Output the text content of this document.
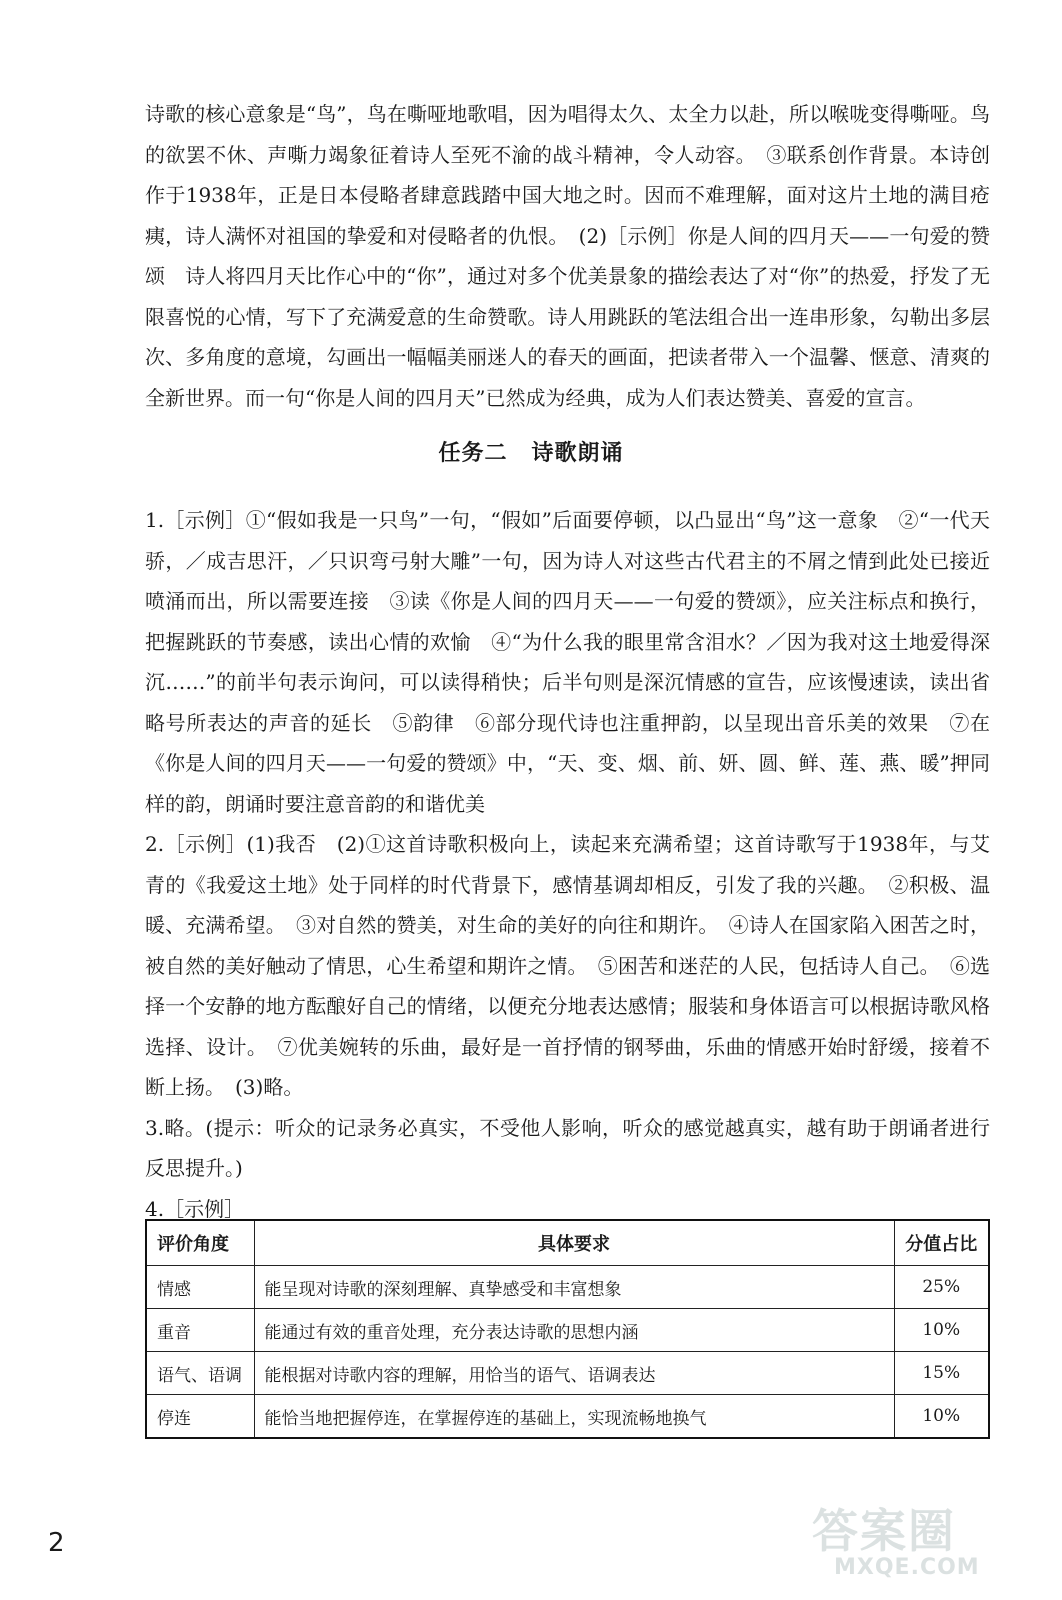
诗歌的核心意象是“鸟”，鸟在嘶哑地歌唱，因为唱得太久、太全力以赴，所以喉咙变得嘶哑。鸟的欲罢不休、声嘶力竭象征着诗人至死不渝的战斗精神，令人动容。　③联系创作背景。本诗创作于1938年，正是日本侵略者肆意践踏中国大地之时。因而不难理解，面对这片土地的满目疮痍，诗人满怀对祖国的挚爱和对侵略者的仇恨。　(2)［示例］你是人间的四月天——一句爱的赞颂　诗人将四月天比作心中的“你”，通过对多个优美景象的描绘表达了对“你”的热爱，抒发了无限喜悦的心情，写下了充满爱意的生命赞歌。诗人用跳跃的笔法组合出一连串形象，勾勒出多层次、多角度的意境，勾画出一幅幅美丽迷人的春天的画面，把读者带入一个温馨、惬意、清爽的全新世界。而一句“你是人间的四月天”已然成为经典，成为人们表达赞美、喜爱的宣言。

任务二 诗歌朗诵

1.［示例］①“假如我是一只鸟”一句，“假如”后面要停顿，以凸显出“鸟”这一意象　②“一代天骄，／成吉思汗，／只识弯弓射大雕”一句，因为诗人对这些古代君主的不屑之情到此处已接近喷涌而出，所以需要连接　③读《你是人间的四月天——一句爱的赞颂》，应关注标点和换行，把握跳跃的节奏感，读出心情的欢愉　④“为什么我的眼里常含泪水？／因为我对这土地爱得深沉……”的前半句表示询问，可以读得稍快；后半句则是深沉情感的宣告，应该慢速读，读出省略号所表达的声音的延长　⑤韵律　⑥部分现代诗也注重押韵，以呈现出音乐美的效果　⑦在《你是人间的四月天——一句爱的赞颂》中，“天、变、烟、前、妍、圆、鲜、莲、燕、暖”押同样的韵，朗诵时要注意音韵的和谐优美

2.［示例］(1)我否　(2)①这首诗歌积极向上，读起来充满希望；这首诗歌写于1938年，与艾青的《我爱这土地》处于同样的时代背景下，感情基调却相反，引发了我的兴趣。　②积极、温暖、充满希望。　③对自然的赞美，对生命的美好的向往和期许。　④诗人在国家陷入困苦之时，被自然的美好触动了情思，心生希望和期许之情。　⑤困苦和迷茫的人民，包括诗人自己。　⑥选择一个安静的地方酝酿好自己的情绪，以便充分地表达感情；服装和身体语言可以根据诗歌风格选择、设计。　⑦优美婉转的乐曲，最好是一首抒情的钢琴曲，乐曲的情感开始时舒缓，接着不断上扬。　(3)略。

3.略。(提示：听众的记录务必真实，不受他人影响，听众的感觉越真实，越有助于朗诵者进行反思提升。)

4.［示例］

评价角度	具体要求	分值占比
情感	能呈现对诗歌的深刻理解、真挚感受和丰富想象	25%
重音	能通过有效的重音处理，充分表达诗歌的思想内涵	10%
语气、语调	能根据对诗歌内容的理解，用恰当的语气、语调表达	15%
停连	能恰当地把握停连，在掌握停连的基础上，实现流畅地换气	10%
2	答案圈
MXQE.COM
